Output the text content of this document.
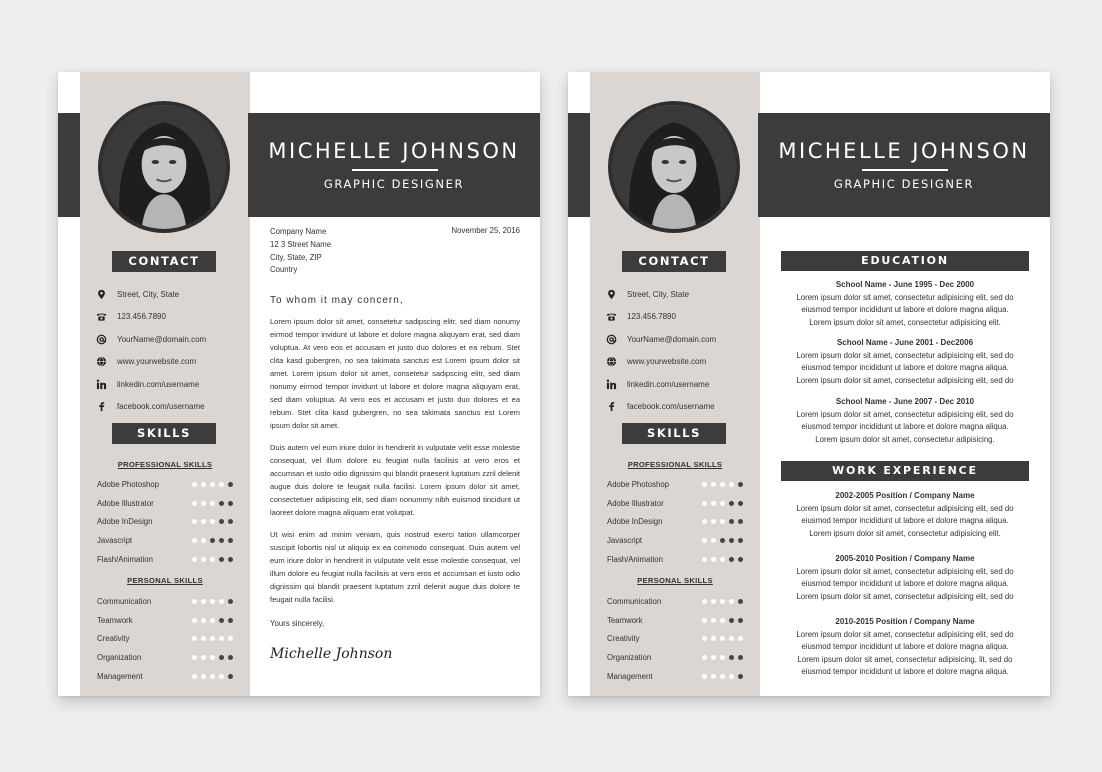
MICHELLE JOHNSON
GRAPHIC DESIGNER
CONTACT
Street, City, State
123.456.7890
YourName@domain.com
www.yourwebsite.com
linkedin.com/username
facebook.com/username
SKILLS
PROFESSIONAL SKILLS
Adobe Photoshop
Adobe Illustrator
Adobe InDesign
Javascript
Flash/Animation
PERSONAL SKILLS
Communication
Teamwork
Creativity
Organization
Management
Company Name
12 3 Street Name
City, State, ZIP
Country
November 25, 2016
To whom it may concern,
Lorem ipsum dolor sit amet, consetetur sadipscing elitr, sed diam nonumy eirmod tempor invidunt ut labore et dolore magna aliquyam erat, sed diam voluptua. At vero eos et accusam et justo duo dolores et ea rebum. Stet clita kasd gubergren, no sea takimata sanctus est Lorem ipsum dolor sit amet. Lorem ipsum dolor sit amet, consetetur sadipscing elitr, sed diam nonumy eirmod tempor invidunt ut labore et dolore magna aliquyam erat, sed diam voluptua. At vero eos et accusam et justo duo dolores et ea rebum. Stet clita kasd gubergren, no sea takimata sanctus est Lorem ipsum dolor sit amet.
Duis autem vel eum iriure dolor in hendrerit in vulputate velit esse molestie consequat, vel illum dolore eu feugiat nulla facilisis at vero eros et accumsan et iusto odio dignissim qui blandit praesent luptatum zzril delenit augue duis dolore te feugait nulla facilisi. Lorem ipsum dolor sit amet, consectetuer adipiscing elit, sed diam nonummy nibh euismod tincidunt ut laoreet dolore magna aliquam erat volutpat.
Ut wisi enim ad minim veniam, quis nostrud exerci tation ullamcorper suscipit lobortis nisl ut aliquip ex ea commodo consequat. Duis autem vel eum iriure dolor in hendrerit in vulputate velit esse molestie consequat, vel illum dolore eu feugiat nulla facilisis at vero eros et accumsan et iusto odio dignissim qui blandit praesent luptatum zzril delenit augue duis dolore te feugait nulla facilisi.
Yours sincerely,
Michelle Johnson
MICHELLE JOHNSON
GRAPHIC DESIGNER
CONTACT
Street, City, State
123.456.7890
YourName@domain.com
www.yourwebsite.com
linkedin.com/username
facebook.com/username
SKILLS
PROFESSIONAL SKILLS
Adobe Photoshop
Adobe Illustrator
Adobe InDesign
Javascript
Flash/Animation
PERSONAL SKILLS
Communication
Teamwork
Creativity
Organization
Management
EDUCATION
WORK EXPERIENCE
School Name - June 1995 - Dec 2000
Lorem ipsum dolor sit amet, consectetur adipisicing elit, sed do
eiusmod tempor incididunt ut labore et dolore magna aliqua.
Lorem ipsum dolor sit amet, consectetur adipisicing elit.
School Name - June 2001 - Dec2006
Lorem ipsum dolor sit amet, consectetur adipisicing elit, sed do
eiusmod tempor incididunt ut labore et dolore magna aliqua.
Lorem ipsum dolor sit amet, consectetur adipisicing elit, sed do
School Name - June 2007 - Dec 2010
Lorem ipsum dolor sit amet, consectetur adipisicing elit, sed do
eiusmod tempor incididunt ut labore et dolore magna aliqua.
Lorem ipsum dolor sit amet, consectetur adipisicing.
2002-2005 Position / Company Name
Lorem ipsum dolor sit amet, consectetur adipisicing elit, sed do
eiusmod tempor incididunt ut labore et dolore magna aliqua.
Lorem ipsum dolor sit amet, consectetur adipisicing elit.
2005-2010 Position / Company Name
Lorem ipsum dolor sit amet, consectetur adipisicing elit, sed do
eiusmod tempor incididunt ut labore et dolore magna aliqua.
Lorem ipsum dolor sit amet, consectetur adipisicing elit, sed do
2010-2015 Position / Company Name
Lorem ipsum dolor sit amet, consectetur adipisicing elit, sed do
eiusmod tempor incididunt ut labore et dolore magna aliqua.
Lorem ipsum dolor sit amet, consectetur adipisicing, lit, sed do
eiusmod tempor incididunt ut labore et dolore magna aliqua.
